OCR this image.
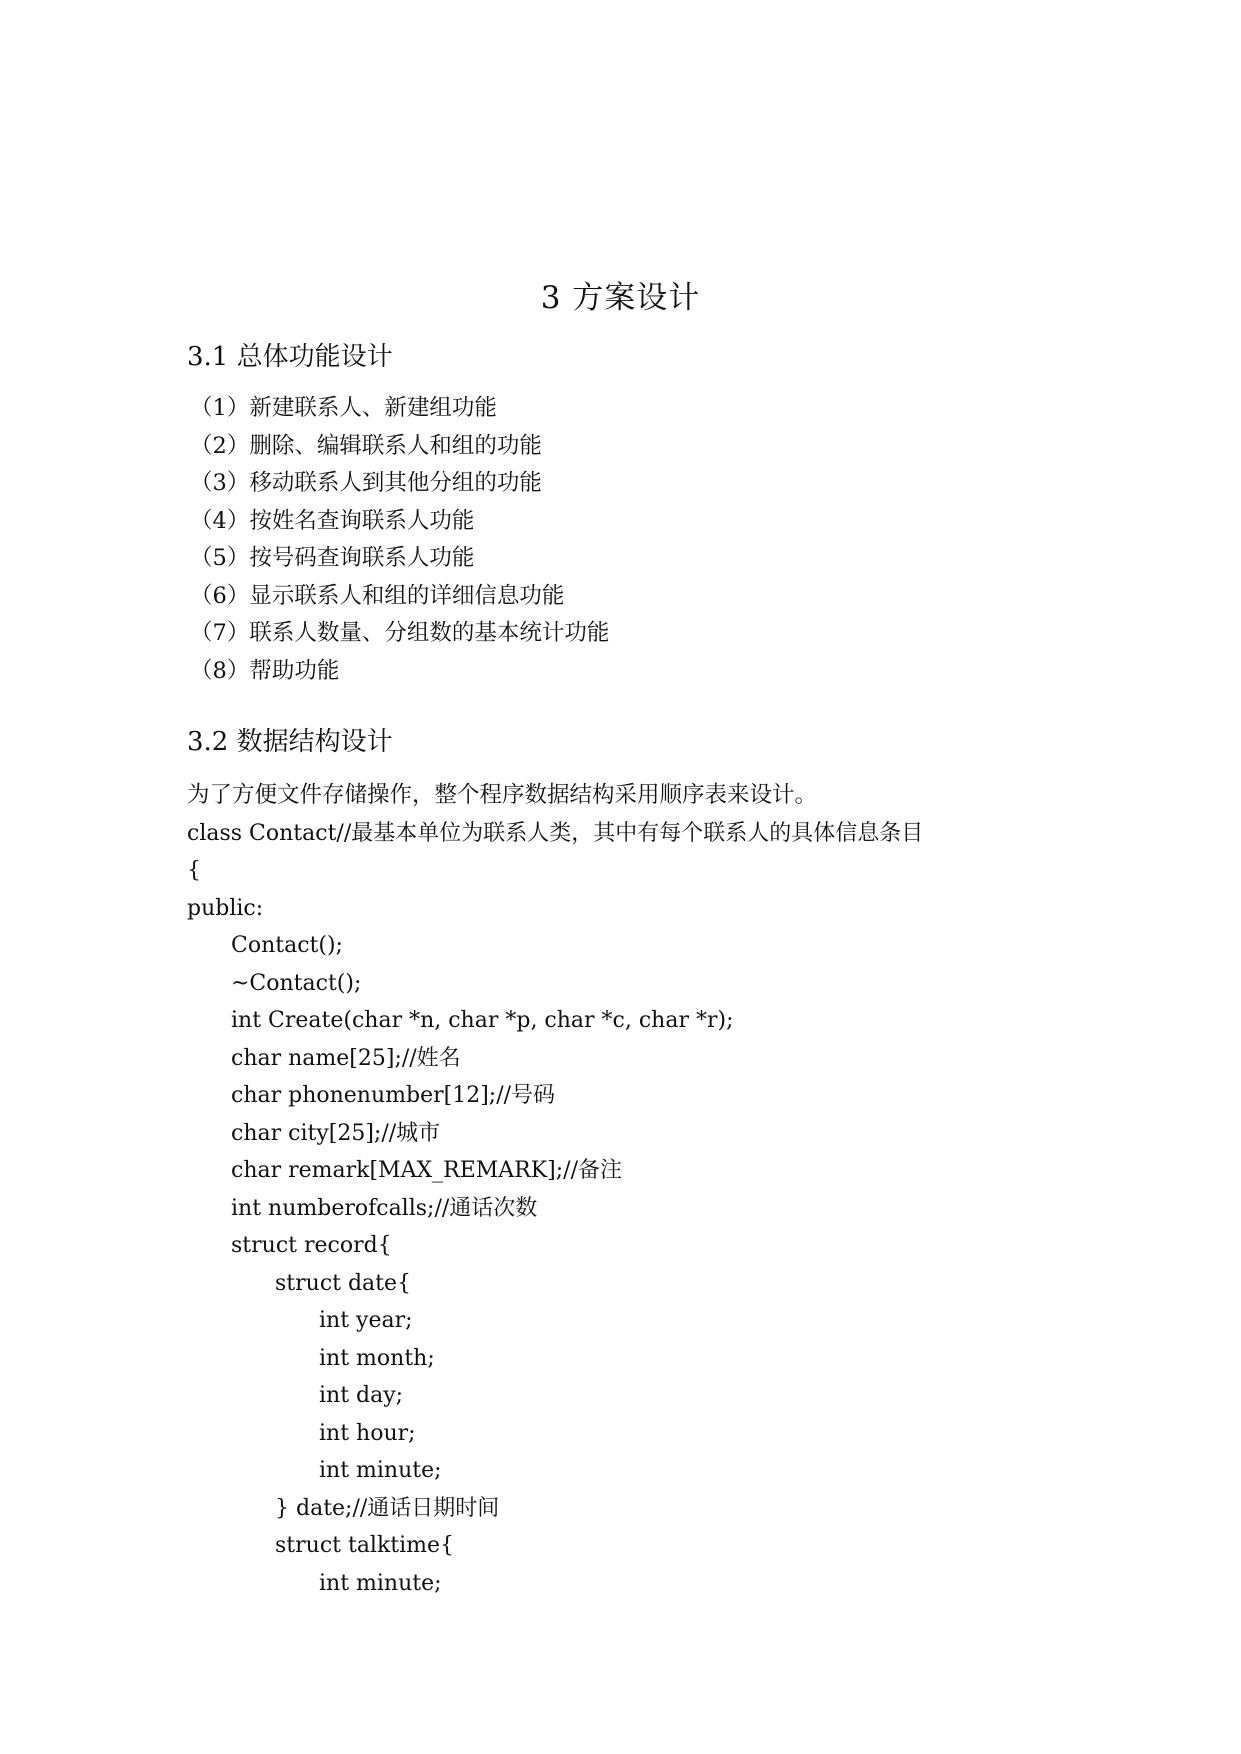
3 方案设计
3.1 总体功能设计
（1）新建联系人、新建组功能
（2）删除、编辑联系人和组的功能
（3）移动联系人到其他分组的功能
（4）按姓名查询联系人功能
（5）按号码查询联系人功能
（6）显示联系人和组的详细信息功能
（7）联系人数量、分组数的基本统计功能
（8）帮助功能
3.2 数据结构设计

为了方便文件存储操作，整个程序数据结构采用顺序表来设计。

class Contact//最基本单位为联系人类，其中有每个联系人的具体信息条目
{
public:
Contact();
~Contact();
int Create(char *n, char *p, char *c, char *r);
char name[25];//姓名
char phonenumber[12];//号码
char city[25];//城市
char remark[MAX_REMARK];//备注
int numberofcalls;//通话次数
struct record{
struct date{
int year;
int month;
int day;
int hour;
int minute;
} date;//通话日期时间
struct talktime{
int minute;
